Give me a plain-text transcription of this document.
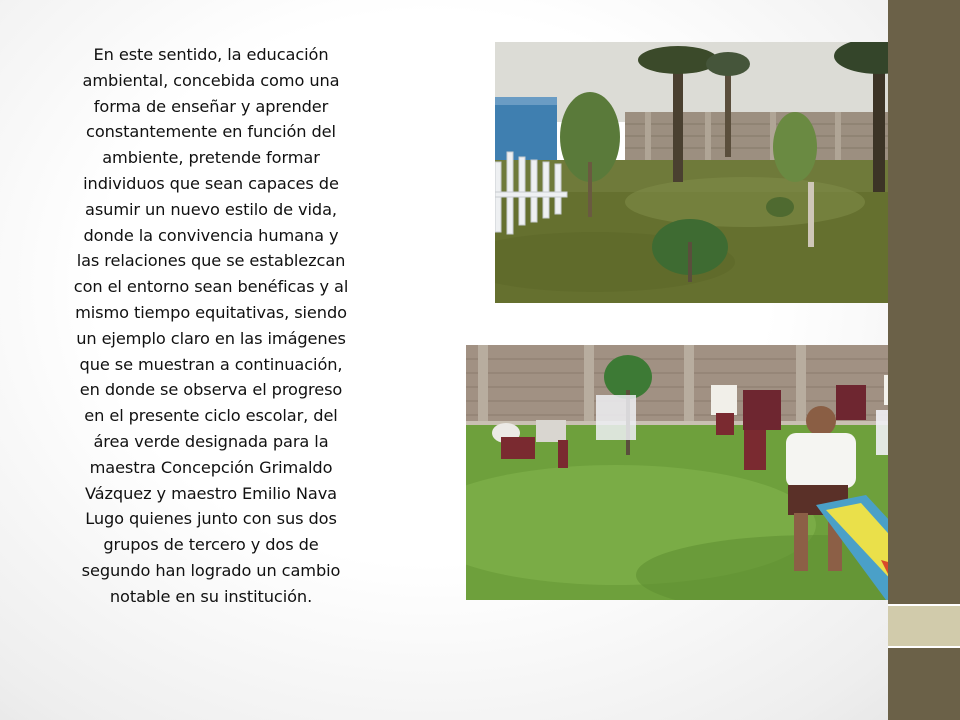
En este sentido, la educación
ambiental, concebida como una
forma de enseñar y aprender
constantemente en función del
ambiente, pretende formar
individuos que sean capaces de
asumir un nuevo estilo de vida,
donde la convivencia humana y
las relaciones que se establezcan
con el entorno sean benéficas y al
mismo tiempo equitativas, siendo
un ejemplo claro en las imágenes
que se muestran a continuación,
en donde se observa el progreso
en el presente ciclo escolar, del
área verde designada para la
maestra Concepción Grimaldo
Vázquez y maestro Emilio Nava
Lugo quienes junto con sus dos
grupos de tercero y dos de
segundo han logrado un cambio
notable en su institución.
